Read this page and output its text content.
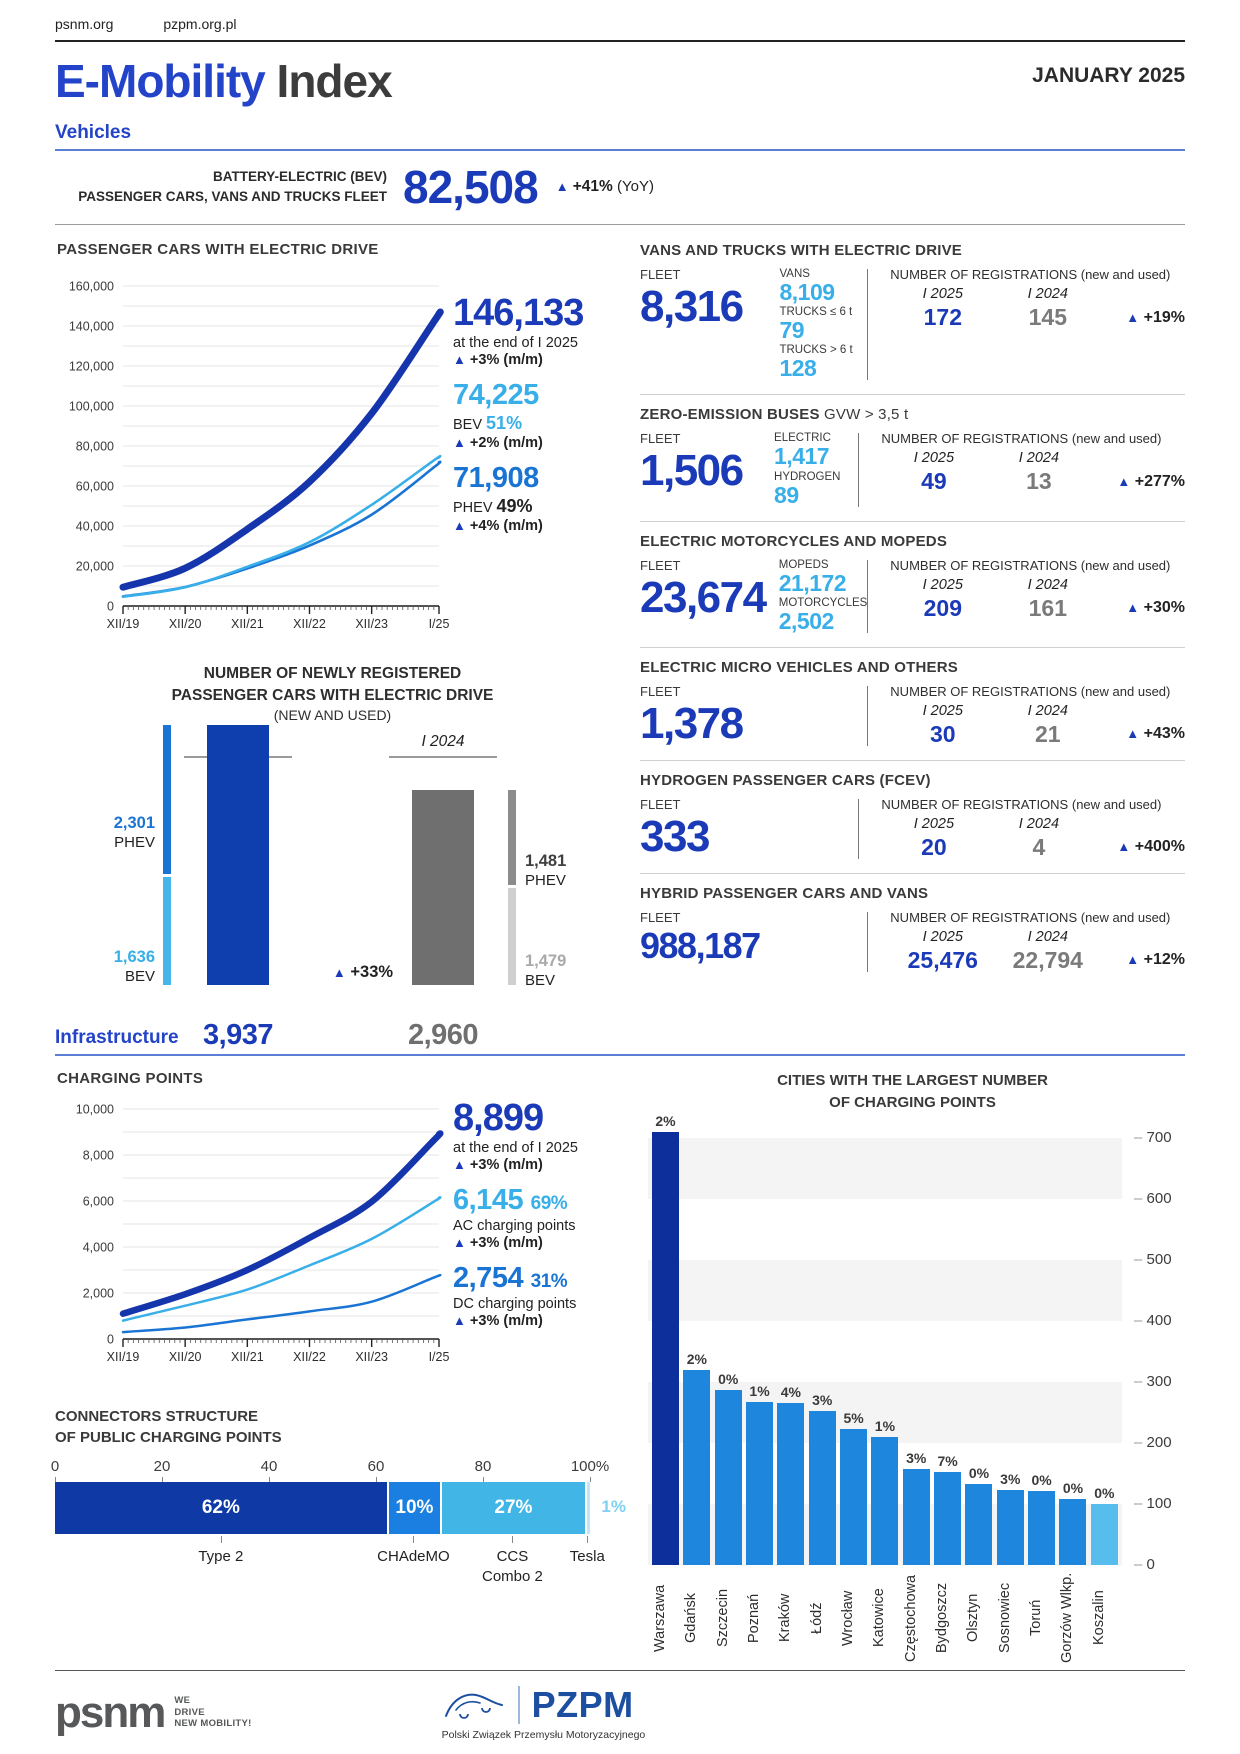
psnm.org	pzpm.org.pl
E-Mobility Index	JANUARY 2025
Vehicles
BATTERY-ELECTRIC (BEV)
PASSENGER CARS, VANS AND TRUCKS FLEET 82,508 ▲ +41% (YoY)
PASSENGER CARS WITH ELECTRIC DRIVE
0
20,000
40,000
60,000
80,000
100,000
120,000
140,000
160,000
XII/19 XII/20 XII/21 XII/22 XII/23	I/25
146,133
at the end of I 2025
▲ +3% (m/m)
74,225
BEV 51%
▲ +2% (m/m)
71,908
PHEV 49%
▲ +4% (m/m)
NUMBER OF NEWLY REGISTERED
PASSENGER CARS WITH ELECTRIC DRIVE
(NEW AND USED)
I 2024
2,301
PHEV
1,636
BEV	▲ +33%
1,481
PHEV
1,479
BEV
3,937	2,960
VANS AND TRUCKS WITH ELECTRIC DRIVE
FLEET
8,316
VANS
8,109
TRUCKS ≤ 6 t
79
TRUCKS > 6 t
128
NUMBER OF REGISTRATIONS (new and used)
I 2025	I 2024
172	145	▲ +19%
ZERO-EMISSION BUSES GVW > 3,5 t
FLEET
1,506
ELECTRIC
1,417
HYDROGEN
89
NUMBER OF REGISTRATIONS (new and used)
I 2025	I 2024
49	13	▲ +277%
ELECTRIC MOTORCYCLES AND MOPEDS
FLEET
23,674
MOPEDS
21,172
MOTORCYCLES
2,502
NUMBER OF REGISTRATIONS (new and used)
I 2025	I 2024
209	161	▲ +30%
ELECTRIC MICRO VEHICLES AND OTHERS
FLEET
1,378
NUMBER OF REGISTRATIONS (new and used)
I 2025	I 2024
30	21	▲ +43%
HYDROGEN PASSENGER CARS (FCEV)
FLEET
333
NUMBER OF REGISTRATIONS (new and used)
I 2025	I 2024
20	4	▲ +400%
HYBRID PASSENGER CARS AND VANS
FLEET
988,187
NUMBER OF REGISTRATIONS (new and used)
I 2025	I 2024
25,476	22,794	▲ +12%
Infrastructure
CHARGING POINTS
0
2,000
4,000
6,000
8,000
10,000
XII/19 XII/20 XII/21 XII/22 XII/23	I/25
8,899
at the end of I 2025
▲ +3% (m/m)
6,145 69%
AC charging points
▲ +3% (m/m)
2,754 31%
DC charging points
▲ +3% (m/m)
CONNECTORS STRUCTURE
OF PUBLIC CHARGING POINTS
0	20	40	60	80	100%
62%	10%	27%	1%
Type 2	CHAdeMO	CCS
Combo 2
Tesla
CITIES WITH THE LARGEST NUMBER
OF CHARGING POINTS
2%
2%
0%
1% 4% 3%
5% 1%
3% 7%
0% 3% 0% 0% 0%
– 0
– 100
– 200
– 300
– 400
– 500
– 600
– 700
Warszawa	Gdańsk	Szczecin	Poznań	Kraków	Łódź	Wrocław	Katowice	Częstochowa	Bydgoszcz	Olsztyn	Sosnowiec	Toruń	Gorzów Wlkp.	Koszalin
psnm WE
DRIVE
NEW MOBILITY!	PZPM
Polski Związek Przemysłu Motoryzacyjnego
